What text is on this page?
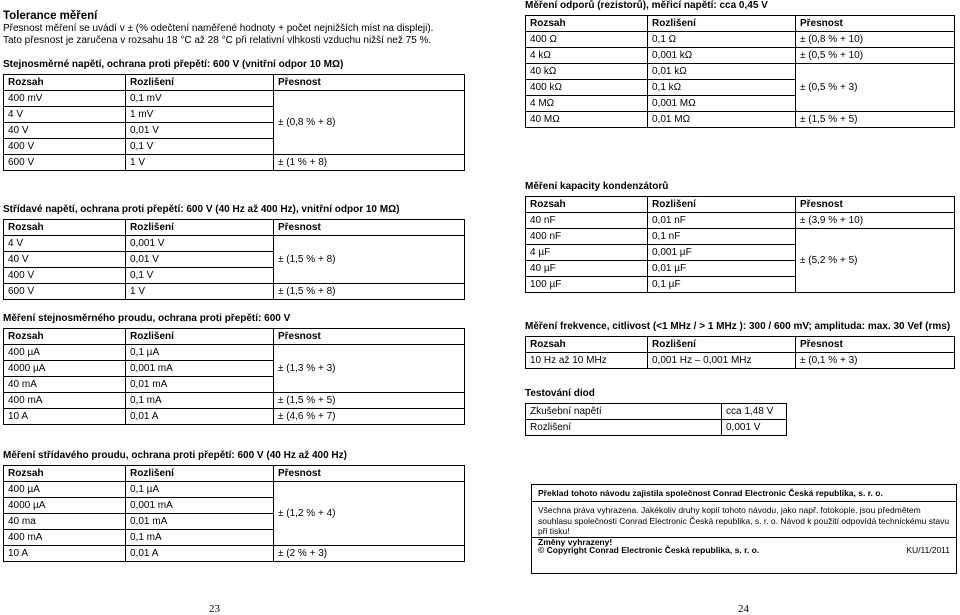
Tolerance měření

Přesnost měření se uvádí v ± (% odečtení naměřené hodnoty + počet nejnižších míst na displeji).

Tato přesnost je zaručena v rozsahu 18 °C až 28 °C při relativní vlhkosti vzduchu nižší než 75 %.

Stejnosměrné napětí, ochrana proti přepětí: 600 V (vnitřní odpor 10 MΩ)
Rozsah	Rozlišení	Přesnost
400 mV	0,1 mV	± (0,8 % + 8)
4 V	1 mV	
40 V	0,01 V	
400 V	0,1 V	
600 V	1 V	± (1 % + 8)
Střídavé napětí, ochrana proti přepětí: 600 V (40 Hz až 400 Hz), vnitřní odpor 10 MΩ)
Rozsah	Rozlišení	Přesnost
4 V	0,001 V	± (1,5 % + 8)
40 V	0,01 V	
400 V	0,1 V	
600 V	1 V	± (1,5 % + 8)
Měření stejnosměrného proudu, ochrana proti přepětí: 600 V
Rozsah	Rozlišení	Přesnost
400 µA	0,1 µA	± (1,3 % + 3)
4000 µA	0,001 mA	
40 mA	0,01 mA	
400 mA	0,1 mA	± (1,5 % + 5)
10 A	0,01 A	± (4,6 % + 7)
Měření střídavého proudu, ochrana proti přepětí: 600 V (40 Hz až 400 Hz)
Rozsah	Rozlišení	Přesnost
400 µA	0,1 µA	± (1,2 % + 4)
4000 µA	0,001 mA	
40 ma	0,01 mA	
400 mA	0,1 mA	
10 A	0,01 A	± (2 % + 3)
Měření odporů (rezistorů), měřicí napětí: cca 0,45 V
Rozsah	Rozlišení	Přesnost
400 Ω	0,1 Ω	± (0,8 % + 10)
4 kΩ	0,001 kΩ	± (0,5 % + 10)
40 kΩ	0,01 kΩ	± (0,5 % + 3)
400 kΩ	0,1 kΩ	
4 MΩ	0,001 MΩ	
40 MΩ	0,01 MΩ	± (1,5 % + 5)
Měření kapacity kondenzátorů
Rozsah	Rozlišení	Přesnost
40 nF	0,01 nF	± (3,9 % + 10)
400 nF	0,1 nF	± (5,2 % + 5)
4 µF	0,001 µF	
40 µF	0,01 µF	
100 µF	0,1 µF	
Měření frekvence, citlivost (<1 MHz / > 1 MHz ): 300 / 600 mV; amplituda: max. 30 Vef (rms)
Rozsah	Rozlišení	Přesnost
10 Hz až 10 MHz	0,001 Hz – 0,001 MHz	± (0,1 % + 3)
Testování diod
Zkušební napětí	cca 1,48 V
Rozlišení	0,001 V
Překlad tohoto návodu zajistila společnost Conrad Electronic Česká republika, s. r. o.
Všechna práva vyhrazena. Jakékoliv druhy kopií tohoto návodu, jako např. fotokopie, jsou předmětem souhlasu společnosti Conrad Electronic Česká republika, s. r. o. Návod k použití odpovídá technickému stavu při tisku!
Změny vyhrazeny!
© Copyright Conrad Electronic Česká republika, s. r. o.	KU/11/2011
23	24
